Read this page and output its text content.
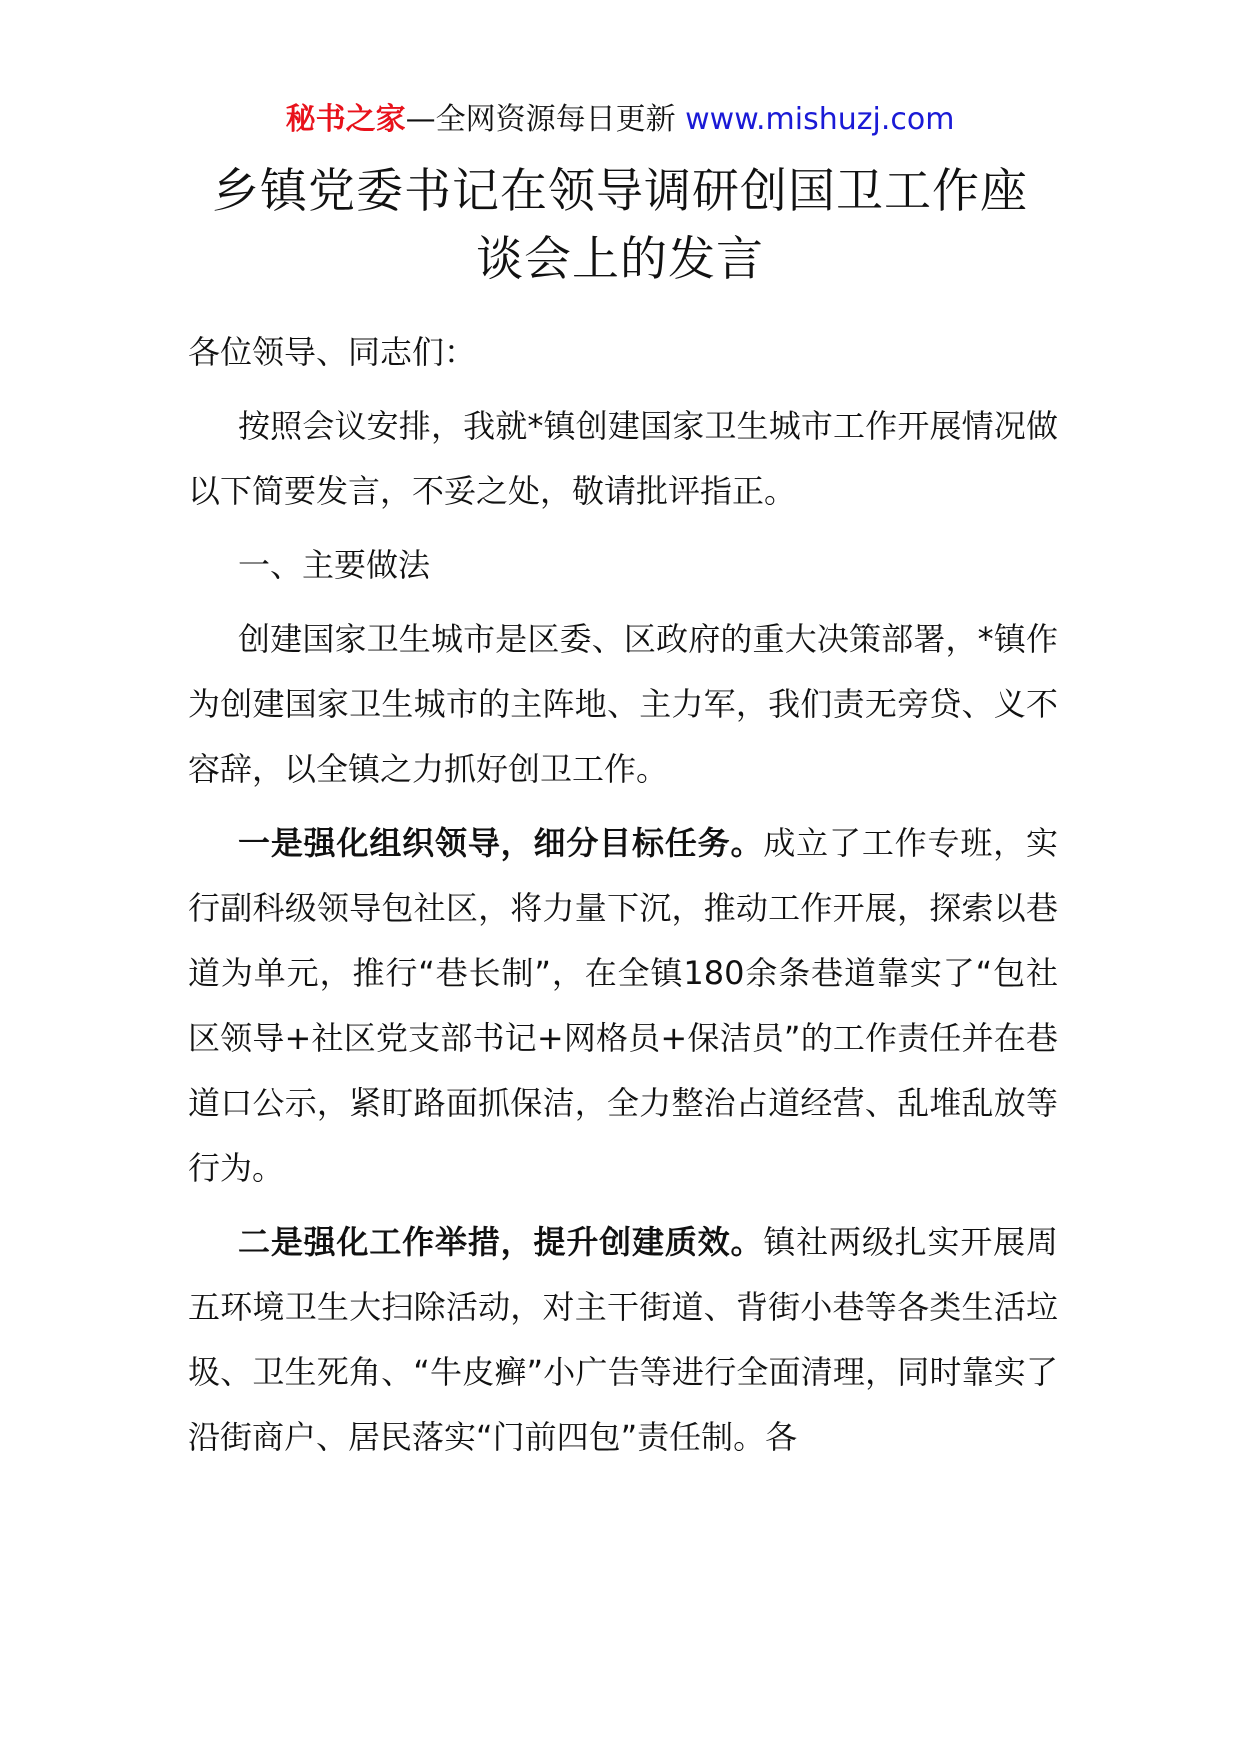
秘书之家—全网资源每日更新 www.mishuzj.com
乡镇党委书记在领导调研创国卫工作座谈会上的发言

各位领导、同志们：

按照会议安排，我就*镇创建国家卫生城市工作开展情况做以下简要发言，不妥之处，敬请批评指正。

一、主要做法

创建国家卫生城市是区委、区政府的重大决策部署，*镇作为创建国家卫生城市的主阵地、主力军，我们责无旁贷、义不容辞，以全镇之力抓好创卫工作。

一是强化组织领导，细分目标任务。成立了工作专班，实行副科级领导包社区，将力量下沉，推动工作开展，探索以巷道为单元，推行“巷长制”，在全镇180余条巷道靠实了“包社区领导+社区党支部书记+网格员+保洁员”的工作责任并在巷道口公示，紧盯路面抓保洁，全力整治占道经营、乱堆乱放等行为。

二是强化工作举措，提升创建质效。镇社两级扎实开展周五环境卫生大扫除活动，对主干街道、背街小巷等各类生活垃圾、卫生死角、“牛皮癣”小广告等进行全面清理，同时靠实了沿街商户、居民落实“门前四包”责任制。各
